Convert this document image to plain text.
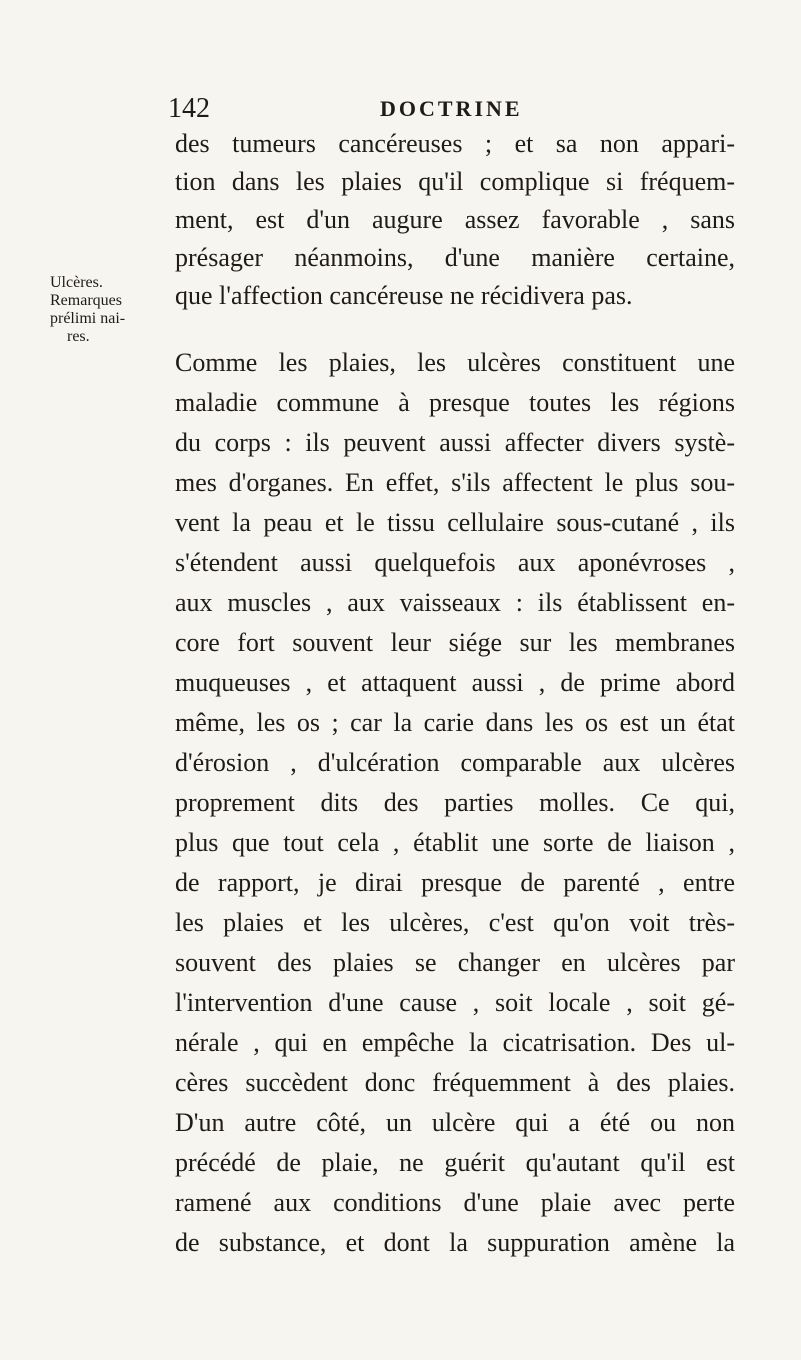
142	DOCTRINE
Ulcères.
Remarques
prélimi nai-
res.
des tumeurs cancéreuses ; et sa non appari-
tion dans les plaies qu'il complique si fréquem-
ment, est d'un augure assez favorable , sans
présager néanmoins, d'une manière certaine,
que l'affection cancéreuse ne récidivera pas.
Comme les plaies, les ulcères constituent une
maladie commune à presque toutes les régions
du corps : ils peuvent aussi affecter divers systè-
mes d'organes. En effet, s'ils affectent le plus sou-
vent la peau et le tissu cellulaire sous-cutané , ils
s'étendent aussi quelquefois aux aponévroses ,
aux muscles , aux vaisseaux : ils établissent en-
core fort souvent leur siége sur les membranes
muqueuses , et attaquent aussi , de prime abord
même, les os ; car la carie dans les os est un état
d'érosion , d'ulcération comparable aux ulcères
proprement dits des parties molles. Ce qui,
plus que tout cela , établit une sorte de liaison ,
de rapport, je dirai presque de parenté , entre
les plaies et les ulcères, c'est qu'on voit très-
souvent des plaies se changer en ulcères par
l'intervention d'une cause , soit locale , soit gé-
nérale , qui en empêche la cicatrisation. Des ul-
cères succèdent donc fréquemment à des plaies.
D'un autre côté, un ulcère qui a été ou non
précédé de plaie, ne guérit qu'autant qu'il est
ramené aux conditions d'une plaie avec perte
de substance, et dont la suppuration amène la
